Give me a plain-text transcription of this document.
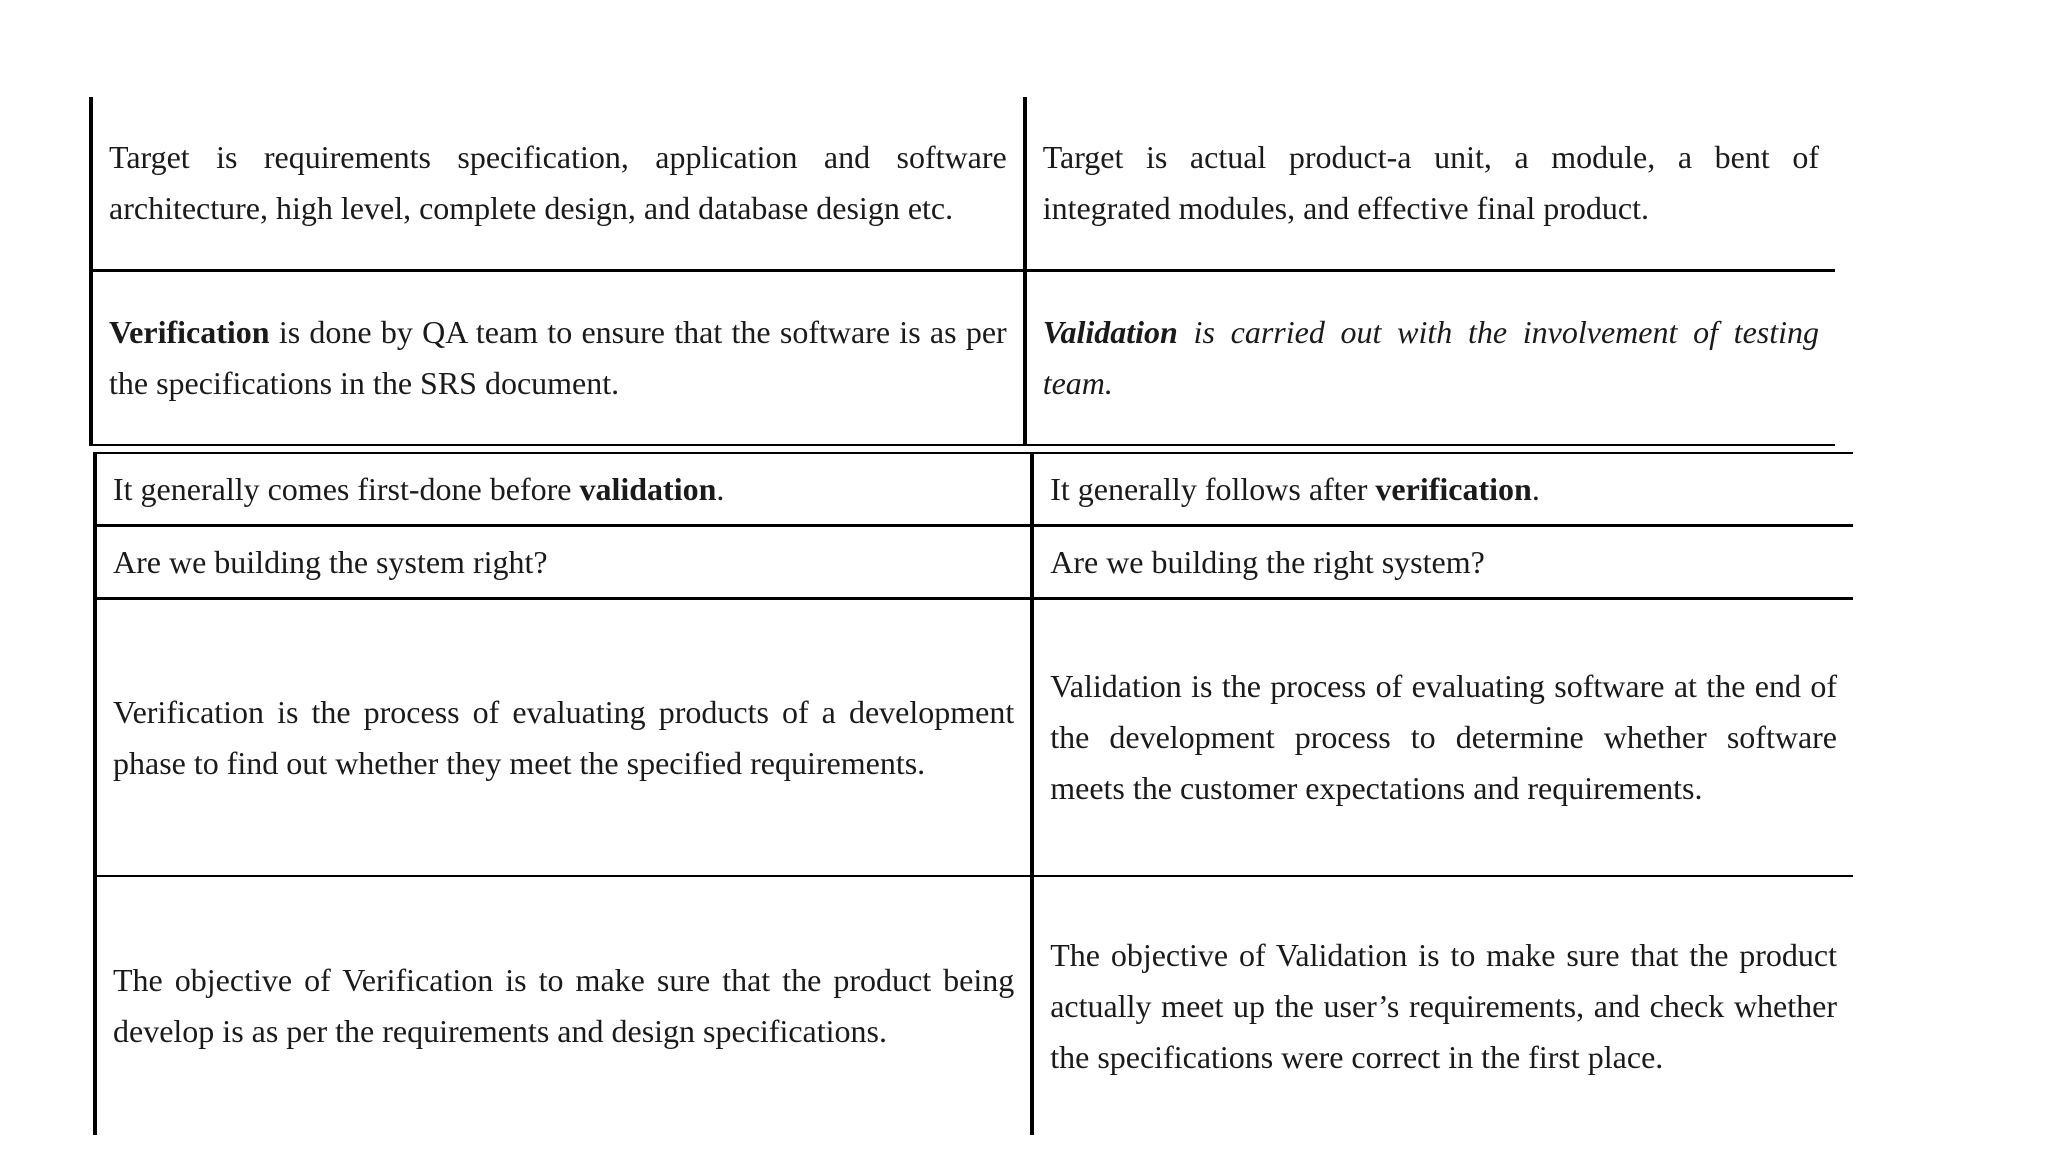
Target is requirements specification, application and software architecture, high level, complete design, and database design etc.	Target is actual product-a unit, a module, a bent of integrated modules, and effective final product.
Verification is done by QA team to ensure that the software is as per the specifications in the SRS document.	Validation is carried out with the involvement of testing team.
It generally comes first-done before validation.	It generally follows after verification.
Are we building the system right?	Are we building the right system?
Verification is the process of evaluating products of a development phase to find out whether they meet the specified requirements.	Validation is the process of evaluating software at the end of the development process to determine whether software meets the customer expectations and requirements.
The objective of Verification is to make sure that the product being develop is as per the requirements and design specifications.	The objective of Validation is to make sure that the product actually meet up the user’s requirements, and check whether the specifications were correct in the first place.
